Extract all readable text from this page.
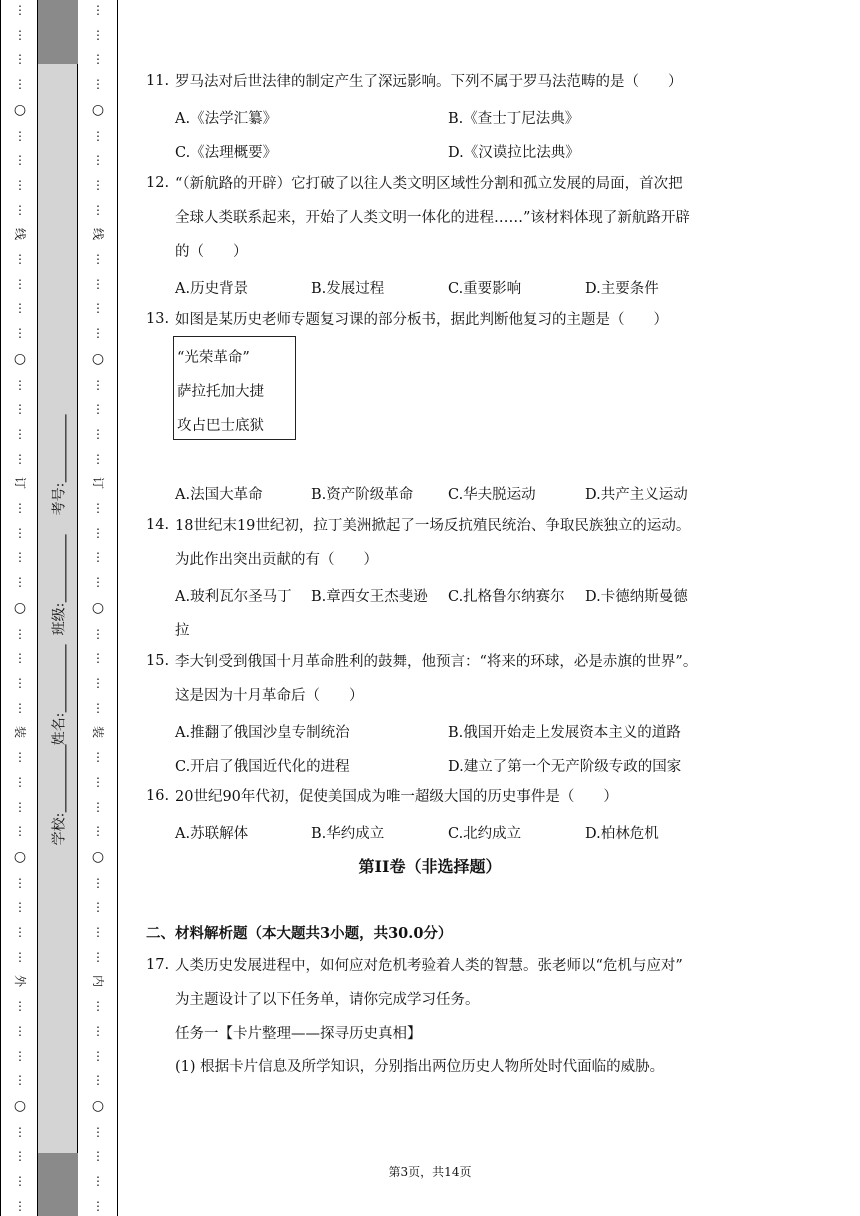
⋮
⋮
⋮
⋮
○
⋮
⋮
⋮
⋮
线
⋮
⋮
⋮
⋮
○
⋮
⋮
⋮
⋮
订
⋮
⋮
⋮
⋮
○
⋮
⋮
⋮
⋮
装
⋮
⋮
⋮
⋮
○
⋮
⋮
⋮
⋮
外
⋮
⋮
⋮
⋮
○
⋮
⋮
⋮
⋮
学校:
姓名:
班级:
考号:
⋮
⋮
⋮
⋮
○
⋮
⋮
⋮
⋮
线
⋮
⋮
⋮
⋮
○
⋮
⋮
⋮
⋮
订
⋮
⋮
⋮
⋮
○
⋮
⋮
⋮
⋮
装
⋮
⋮
⋮
⋮
○
⋮
⋮
⋮
⋮
内
⋮
⋮
⋮
⋮
○
⋮
⋮
⋮
⋮
11. 罗马法对后世法律的制定产生了深远影响。下列不属于罗马法范畴的是（　　）
A.《法学汇纂》	B.《查士丁尼法典》
C.《法理概要》	D.《汉谟拉比法典》
12. “（新航路的开辟）它打破了以往人类文明区域性分割和孤立发展的局面，首次把
全球人类联系起来，开始了人类文明一体化的进程……”该材料体现了新航路开辟
的（　　）
A.历史背景	B.发展过程	C.重要影响	D.主要条件
13. 如图是某历史老师专题复习课的部分板书，据此判断他复习的主题是（　　）
“光荣革命”
萨拉托加大捷
攻占巴士底狱
A.法国大革命	B.资产阶级革命 C.华夫脱运动	D.共产主义运动
14. 18世纪末19世纪初，拉丁美洲掀起了一场反抗殖民统治、争取民族独立的运动。
为此作出突出贡献的有（　　）
A.玻利瓦尔圣马丁 B.章西女王杰斐逊 C.扎格鲁尔纳赛尔 D.卡德纳斯曼德
拉
15. 李大钊受到俄国十月革命胜利的鼓舞，他预言：“将来的环球，必是赤旗的世界”。
这是因为十月革命后（　　）
A.推翻了俄国沙皇专制统治	B.俄国开始走上发展资本主义的道路
C.开启了俄国近代化的进程	D.建立了第一个无产阶级专政的国家
16. 20世纪90年代初，促使美国成为唯一超级大国的历史事件是（　　）
A.苏联解体	B.华约成立	C.北约成立	D.柏林危机
第II卷（非选择题）
二、材料解析题（本大题共3小题，共30.0分）
17. 人类历史发展进程中，如何应对危机考验着人类的智慧。张老师以“危机与应对”
为主题设计了以下任务单，请你完成学习任务。
任务一【卡片整理——探寻历史真相】
(1) 根据卡片信息及所学知识，分别指出两位历史人物所处时代面临的威胁。
第3页，共14页
